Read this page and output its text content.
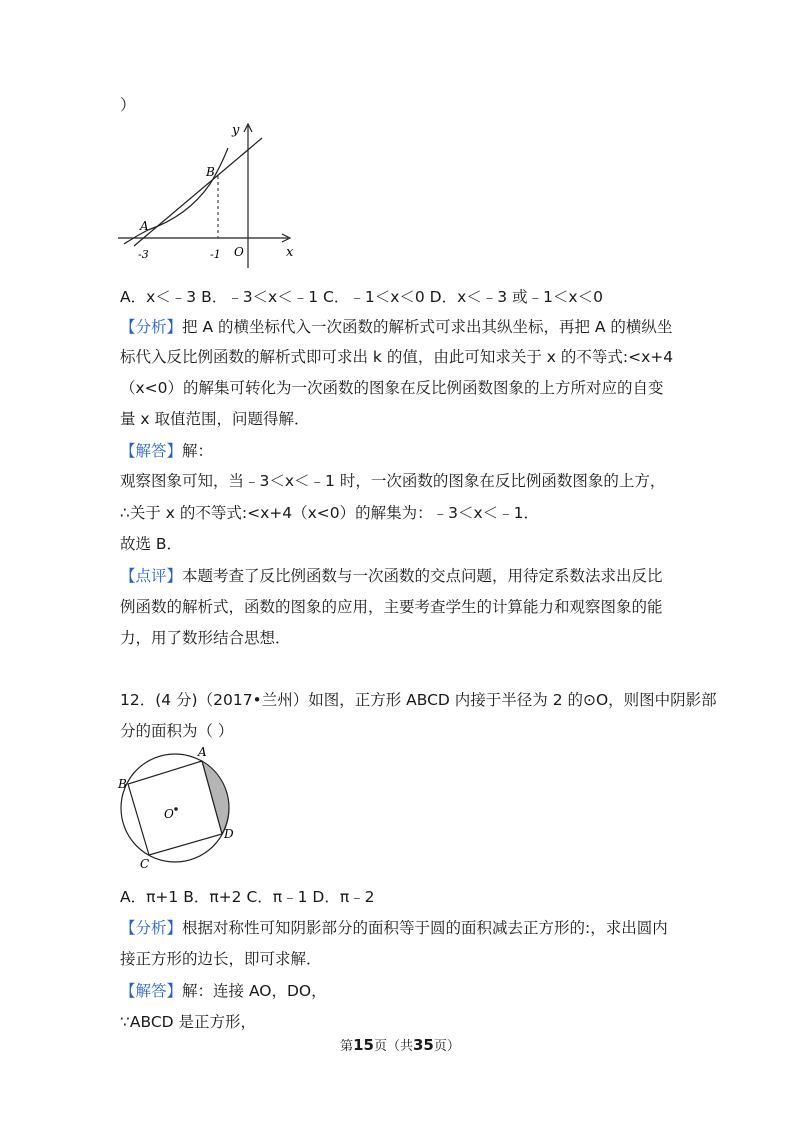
）
y
x
A
B
O
-3	-1
A．x＜﹣3 B．﹣3＜x＜﹣1 C．﹣1＜x＜0 D．x＜﹣3 或﹣1＜x＜0
【分析】把 A 的横坐标代入一次函数的解析式可求出其纵坐标，再把 A 的横纵坐
标代入反比例函数的解析式即可求出 k 的值，由此可知求关于 x 的不等式:<x+4
（x<0）的解集可转化为一次函数的图象在反比例函数图象的上方所对应的自变
量 x 取值范围，问题得解．
【解答】解：
观察图象可知，当﹣3＜x＜﹣1 时，一次函数的图象在反比例函数图象的上方，
∴关于 x 的不等式:<x+4（x<0）的解集为：﹣3＜x＜﹣1．
故选 B．
【点评】本题考查了反比例函数与一次函数的交点问题，用待定系数法求出反比
例函数的解析式，函数的图象的应用，主要考查学生的计算能力和观察图象的能
力，用了数形结合思想．
12．(4 分)（2017•兰州）如图，正方形 ABCD 内接于半径为 2 的⊙O，则图中阴影部
分的面积为（ ）
A
B
C
D
O
A．π+1 B．π+2 C．π﹣1 D．π﹣2
【分析】根据对称性可知阴影部分的面积等于圆的面积减去正方形的:，求出圆内
接正方形的边长，即可求解．
【解答】解：连接 AO，DO，
∵ABCD 是正方形，
第15页（共35页）
